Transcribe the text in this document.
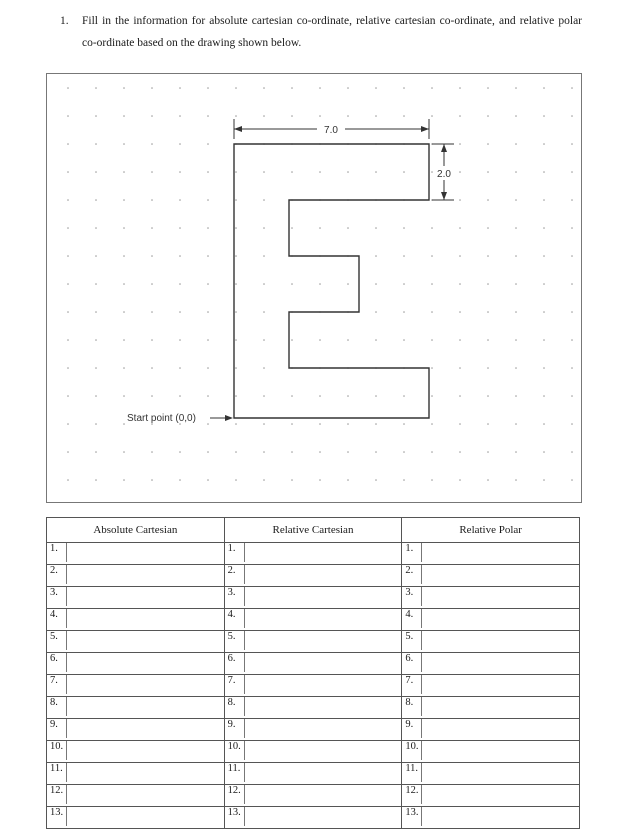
1. Fill in the information for absolute cartesian co-ordinate, relative cartesian co-ordinate, and relative polar co-ordinate based on the drawing shown below.
7.0
2.0
Start point (0,0)
Absolute Cartesian	Relative Cartesian	Relative Polar
1.	1.	1.
2.	2.	2.
3.	3.	3.
4.	4.	4.
5.	5.	5.
6.	6.	6.
7.	7.	7.
8.	8.	8.
9.	9.	9.
10.	10.	10.
11.	11.	11.
12.	12.	12.
13.	13.	13.
